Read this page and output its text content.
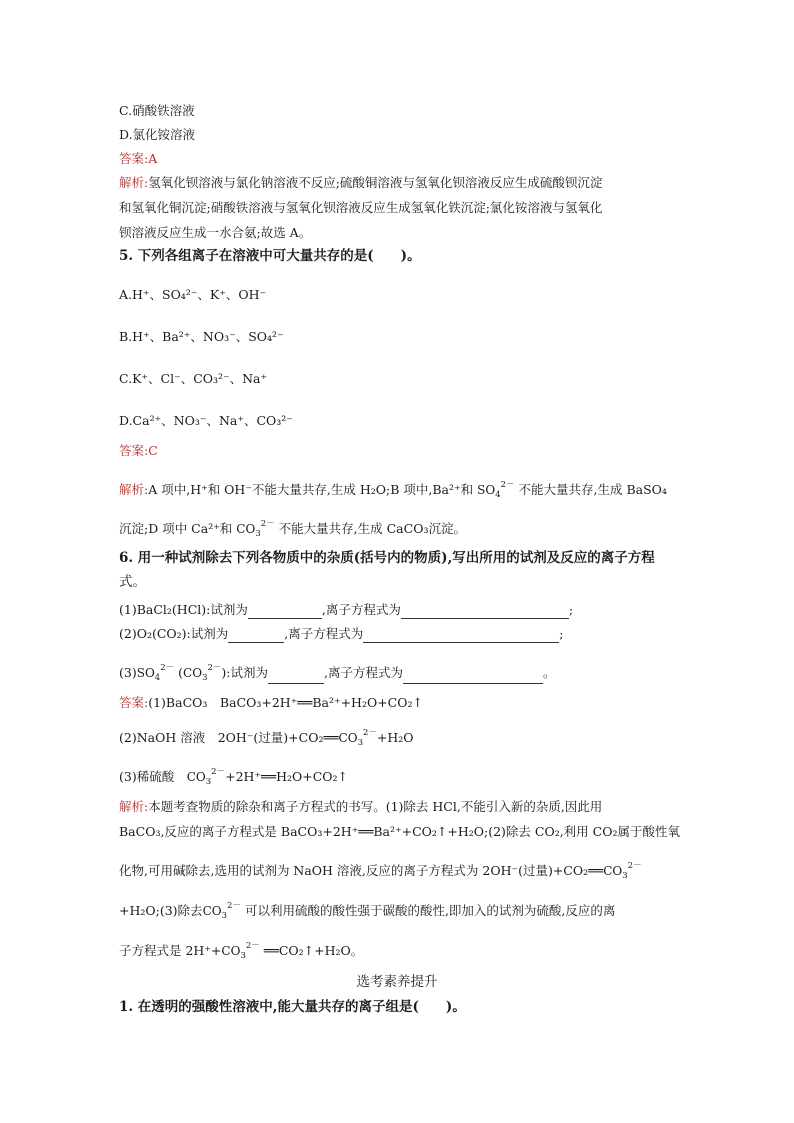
C.硝酸铁溶液
D.氯化铵溶液
答案:A
解析:氢氧化钡溶液与氯化钠溶液不反应;硫酸铜溶液与氢氧化钡溶液反应生成硫酸钡沉淀
和氢氧化铜沉淀;硝酸铁溶液与氢氧化钡溶液反应生成氢氧化铁沉淀;氯化铵溶液与氢氧化
钡溶液反应生成一水合氨;故选 A。
5. 下列各组离子在溶液中可大量共存的是(　　)。
A.H⁺、SO₄²⁻、K⁺、OH⁻
B.H⁺、Ba²⁺、NO₃⁻、SO₄²⁻
C.K⁺、Cl⁻、CO₃²⁻、Na⁺
D.Ca²⁺、NO₃⁻、Na⁺、CO₃²⁻
答案:C
解析:A 项中,H⁺和 OH⁻不能大量共存,生成 H₂O;B 项中,Ba²⁺和 $SO_4^{2-}$ 不能大量共存,生成 BaSO₄
沉淀;D 项中 Ca²⁺和 $CO_3^{2-}$ 不能大量共存,生成 CaCO₃沉淀。
6. 用一种试剂除去下列各物质中的杂质(括号内的物质),写出所用的试剂及反应的离子方程
式。
(1)BaCl₂(HCl):试剂为	,离子方程式为	;
(2)O₂(CO₂):试剂为	,离子方程式为	;
$(3)SO_4^{2-}$ $(CO_3^{2-})$:试剂为	,离子方程式为	。
答案:(1)BaCO₃　BaCO₃+2H⁺══Ba²⁺+H₂O+CO₂↑
(2)NaOH 溶液　2OH⁻(过量)$+CO_2══CO_3^{2-}+H_2O$
(3)稀硫酸　$CO_3^{2-}+2H^+══H_2O+CO_2↑$
解析:本题考查物质的除杂和离子方程式的书写。(1)除去 HCl,不能引入新的杂质,因此用
BaCO₃,反应的离子方程式是 BaCO₃+2H⁺══Ba²⁺+CO₂↑+H₂O;(2)除去 CO₂,利用 CO₂属于酸性氧
化物,可用碱除去,选用的试剂为 NaOH 溶液,反应的离子方程式为 2OH⁻(过量)$+CO_2══CO_3^{2-}$
+H₂O;(3)除去$CO_3^{2-}$ 可以利用硫酸的酸性强于碳酸的酸性,即加入的试剂为硫酸,反应的离
子方程式是 $2H^++CO_3^{2-}$ ══CO₂↑+H₂O。
选考素养提升
1. 在透明的强酸性溶液中,能大量共存的离子组是(　　)。
